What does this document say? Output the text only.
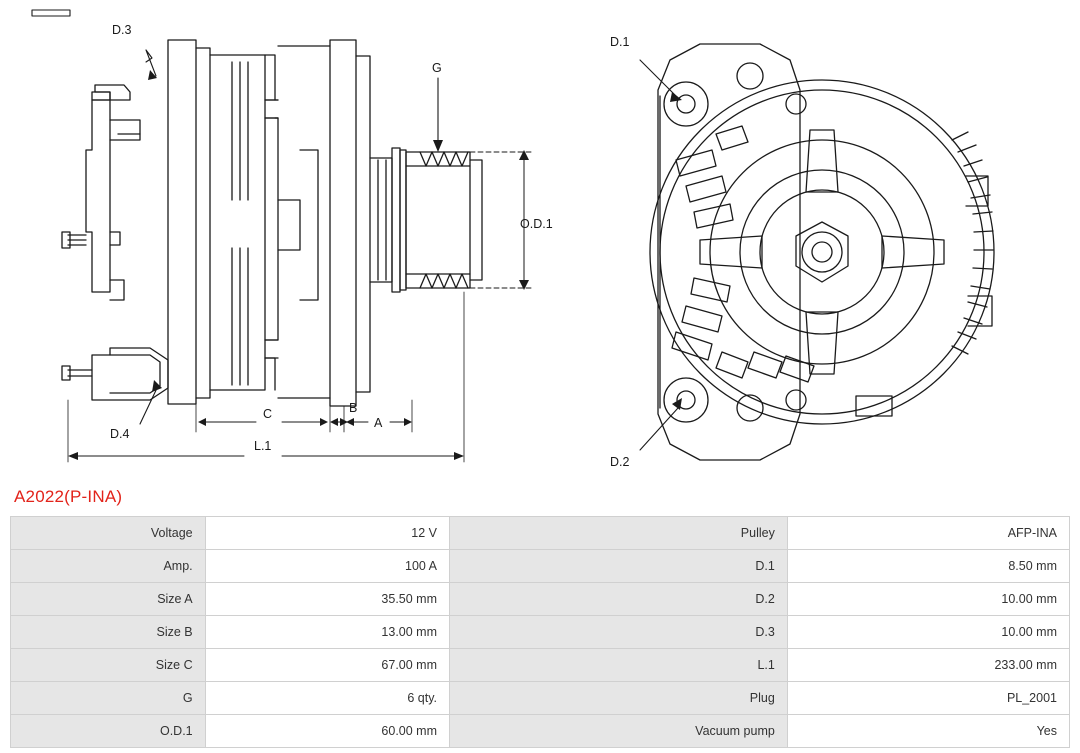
D.3
D.4
G
O.D.1
A
B
C
L.1
D.1
D.2
A2022(P-INA)
Voltage	12 V	Pulley	AFP-INA
Amp.	100 A	D.1	8.50 mm
Size A	35.50 mm	D.2	10.00 mm
Size B	13.00 mm	D.3	10.00 mm
Size C	67.00 mm	L.1	233.00 mm
G	6 qty.	Plug	PL_2001
O.D.1	60.00 mm	Vacuum pump	Yes
